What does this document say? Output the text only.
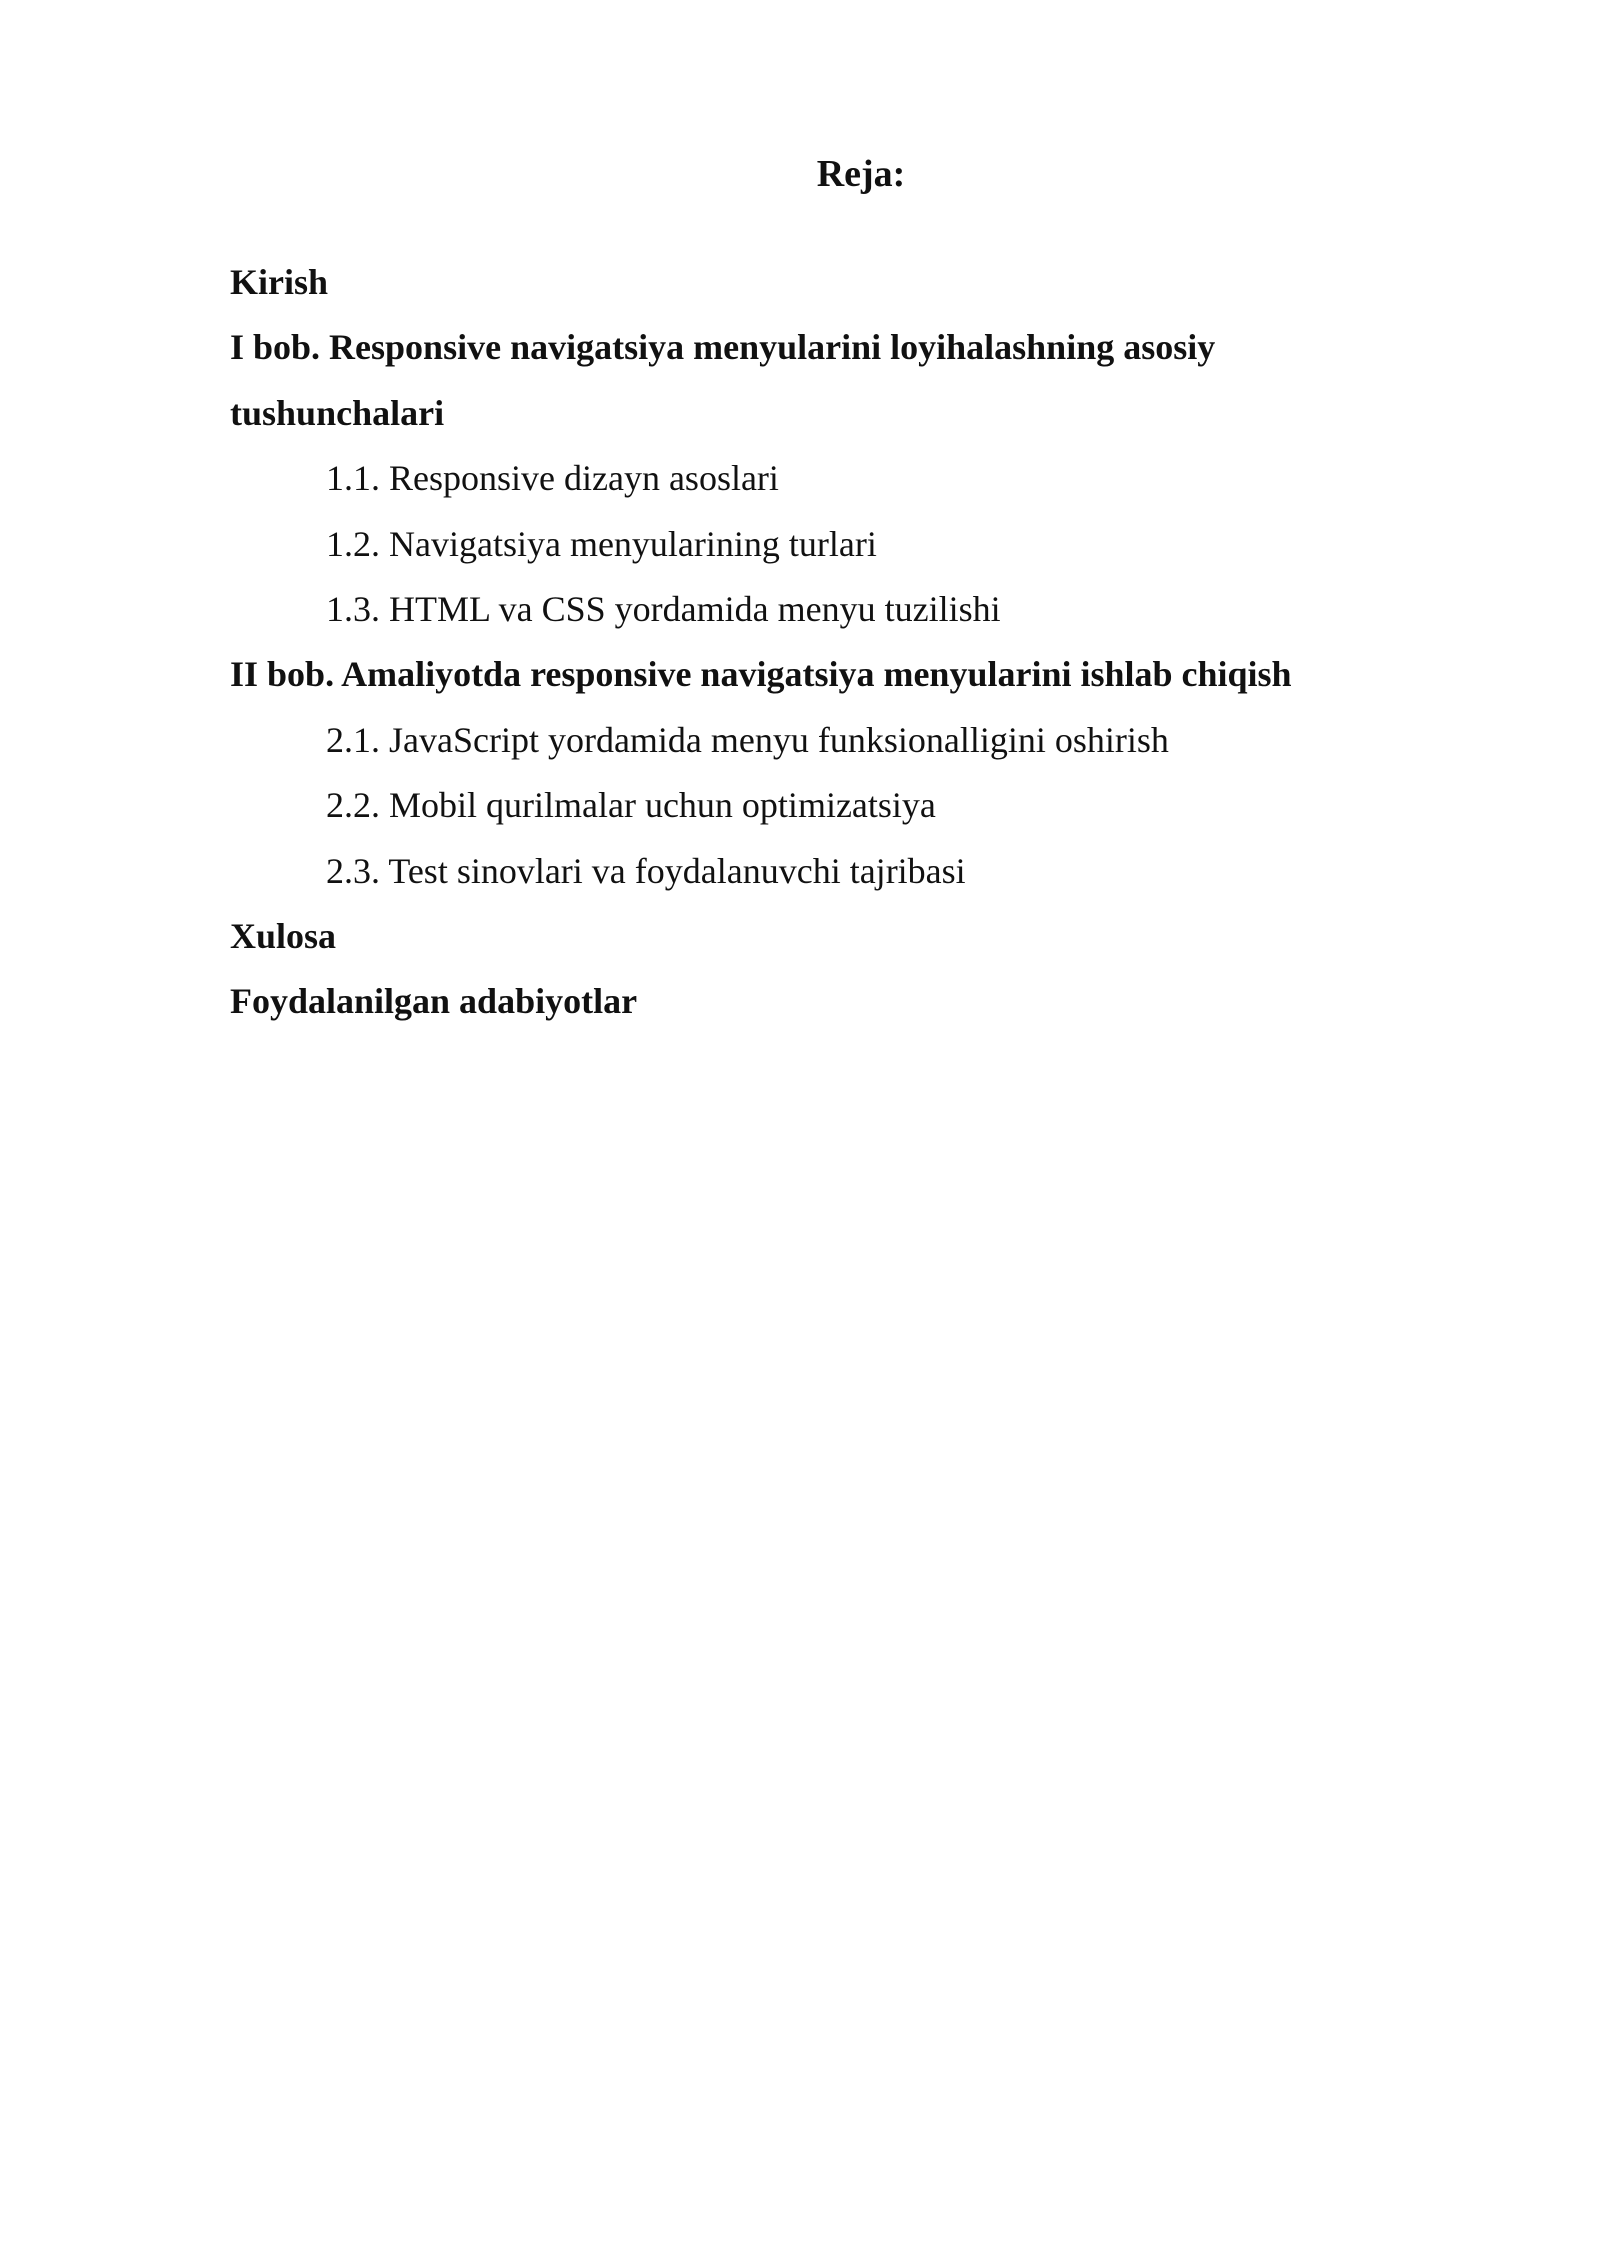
Reja:
Kirish
I bob. Responsive navigatsiya menyularini loyihalashning asosiy tushunchalari
1.1. Responsive dizayn asoslari
1.2. Navigatsiya menyularining turlari
1.3. HTML va CSS yordamida menyu tuzilishi
II bob. Amaliyotda responsive navigatsiya menyularini ishlab chiqish
2.1. JavaScript yordamida menyu funksionalligini oshirish
2.2. Mobil qurilmalar uchun optimizatsiya
2.3. Test sinovlari va foydalanuvchi tajribasi
Xulosa
Foydalanilgan adabiyotlar
